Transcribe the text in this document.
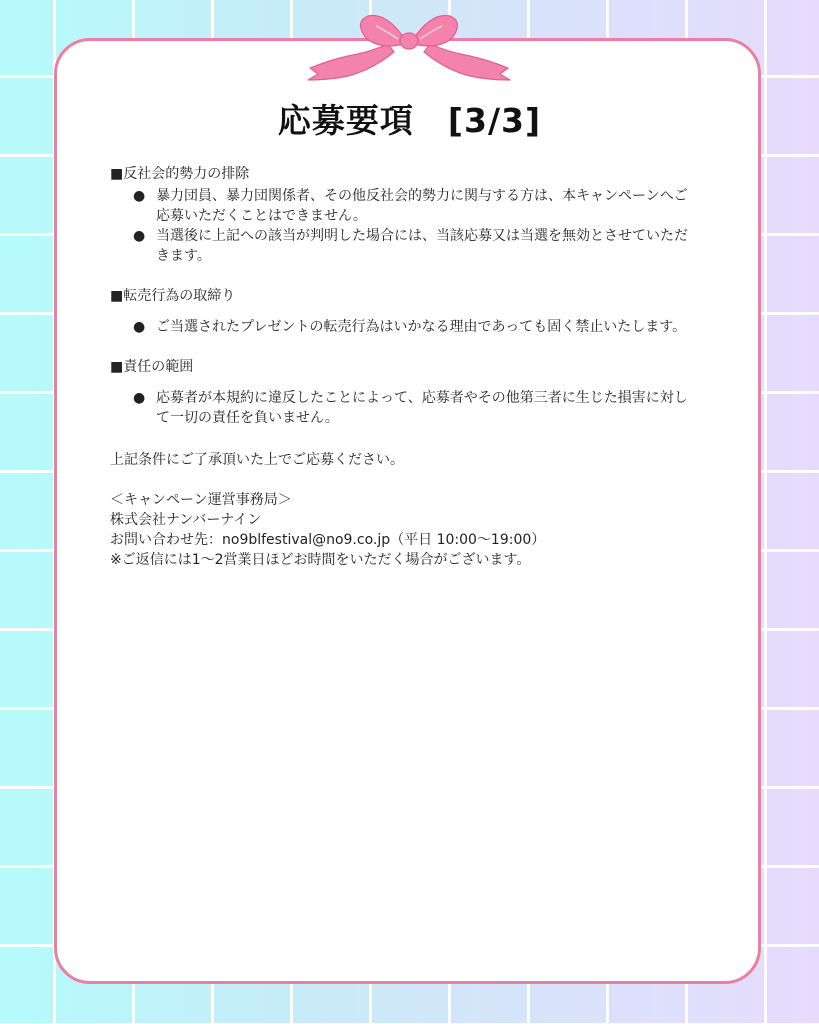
応募要項　[3/3]
■反社会的勢力の排除
● 暴力団員、暴力団関係者、その他反社会的勢力に関与する方は、本キャンペーンへご応募いただくことはできません。
● 当選後に上記への該当が判明した場合には、当該応募又は当選を無効とさせていただきます。
■転売行為の取締り
● ご当選されたプレゼントの転売行為はいかなる理由であっても固く禁止いたします。
■責任の範囲
● 応募者が本規約に違反したことによって、応募者やその他第三者に生じた損害に対して一切の責任を負いません。
上記条件にご了承頂いた上でご応募ください。
＜キャンペーン運営事務局＞
株式会社ナンバーナイン
お問い合わせ先：no9blfestival@no9.co.jp（平日 10:00〜19:00）
※ご返信には1〜2営業日ほどお時間をいただく場合がございます。
